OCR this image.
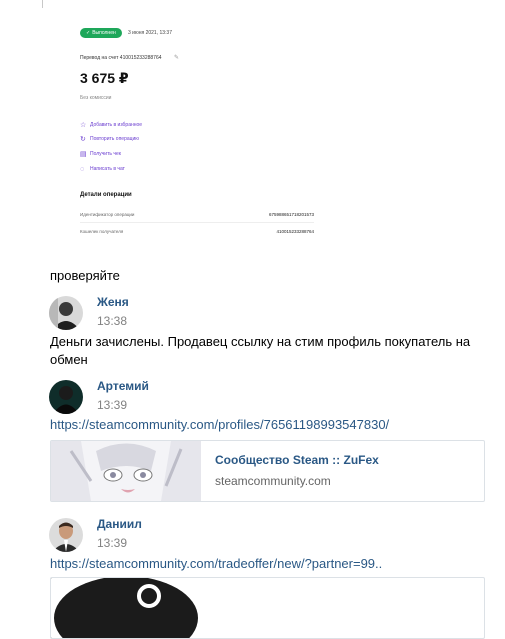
✓ Выполнен	3 июня 2021, 13:37
Перевод на счет 410015233288764 ✎
3 675 ₽
Без комиссии
☆ Добавить в избранное
↻ Повторить операцию
▤ Получить чек
◌	Написать в чат
Детали операции
Идентификатор операции	675988651718201573
Кошелек получателя	410015233288764
проверяйте
Женя
13:38
Деньги зачислены. Продавец ссылку на стим профиль покупатель на обмен
Артемий
13:39
https://steamcommunity.com/profiles/76561198993547830/
Сообщество Steam :: ZuFex
steamcommunity.com
Даниил
13:39
https://steamcommunity.com/tradeoffer/new/?partner=99..
